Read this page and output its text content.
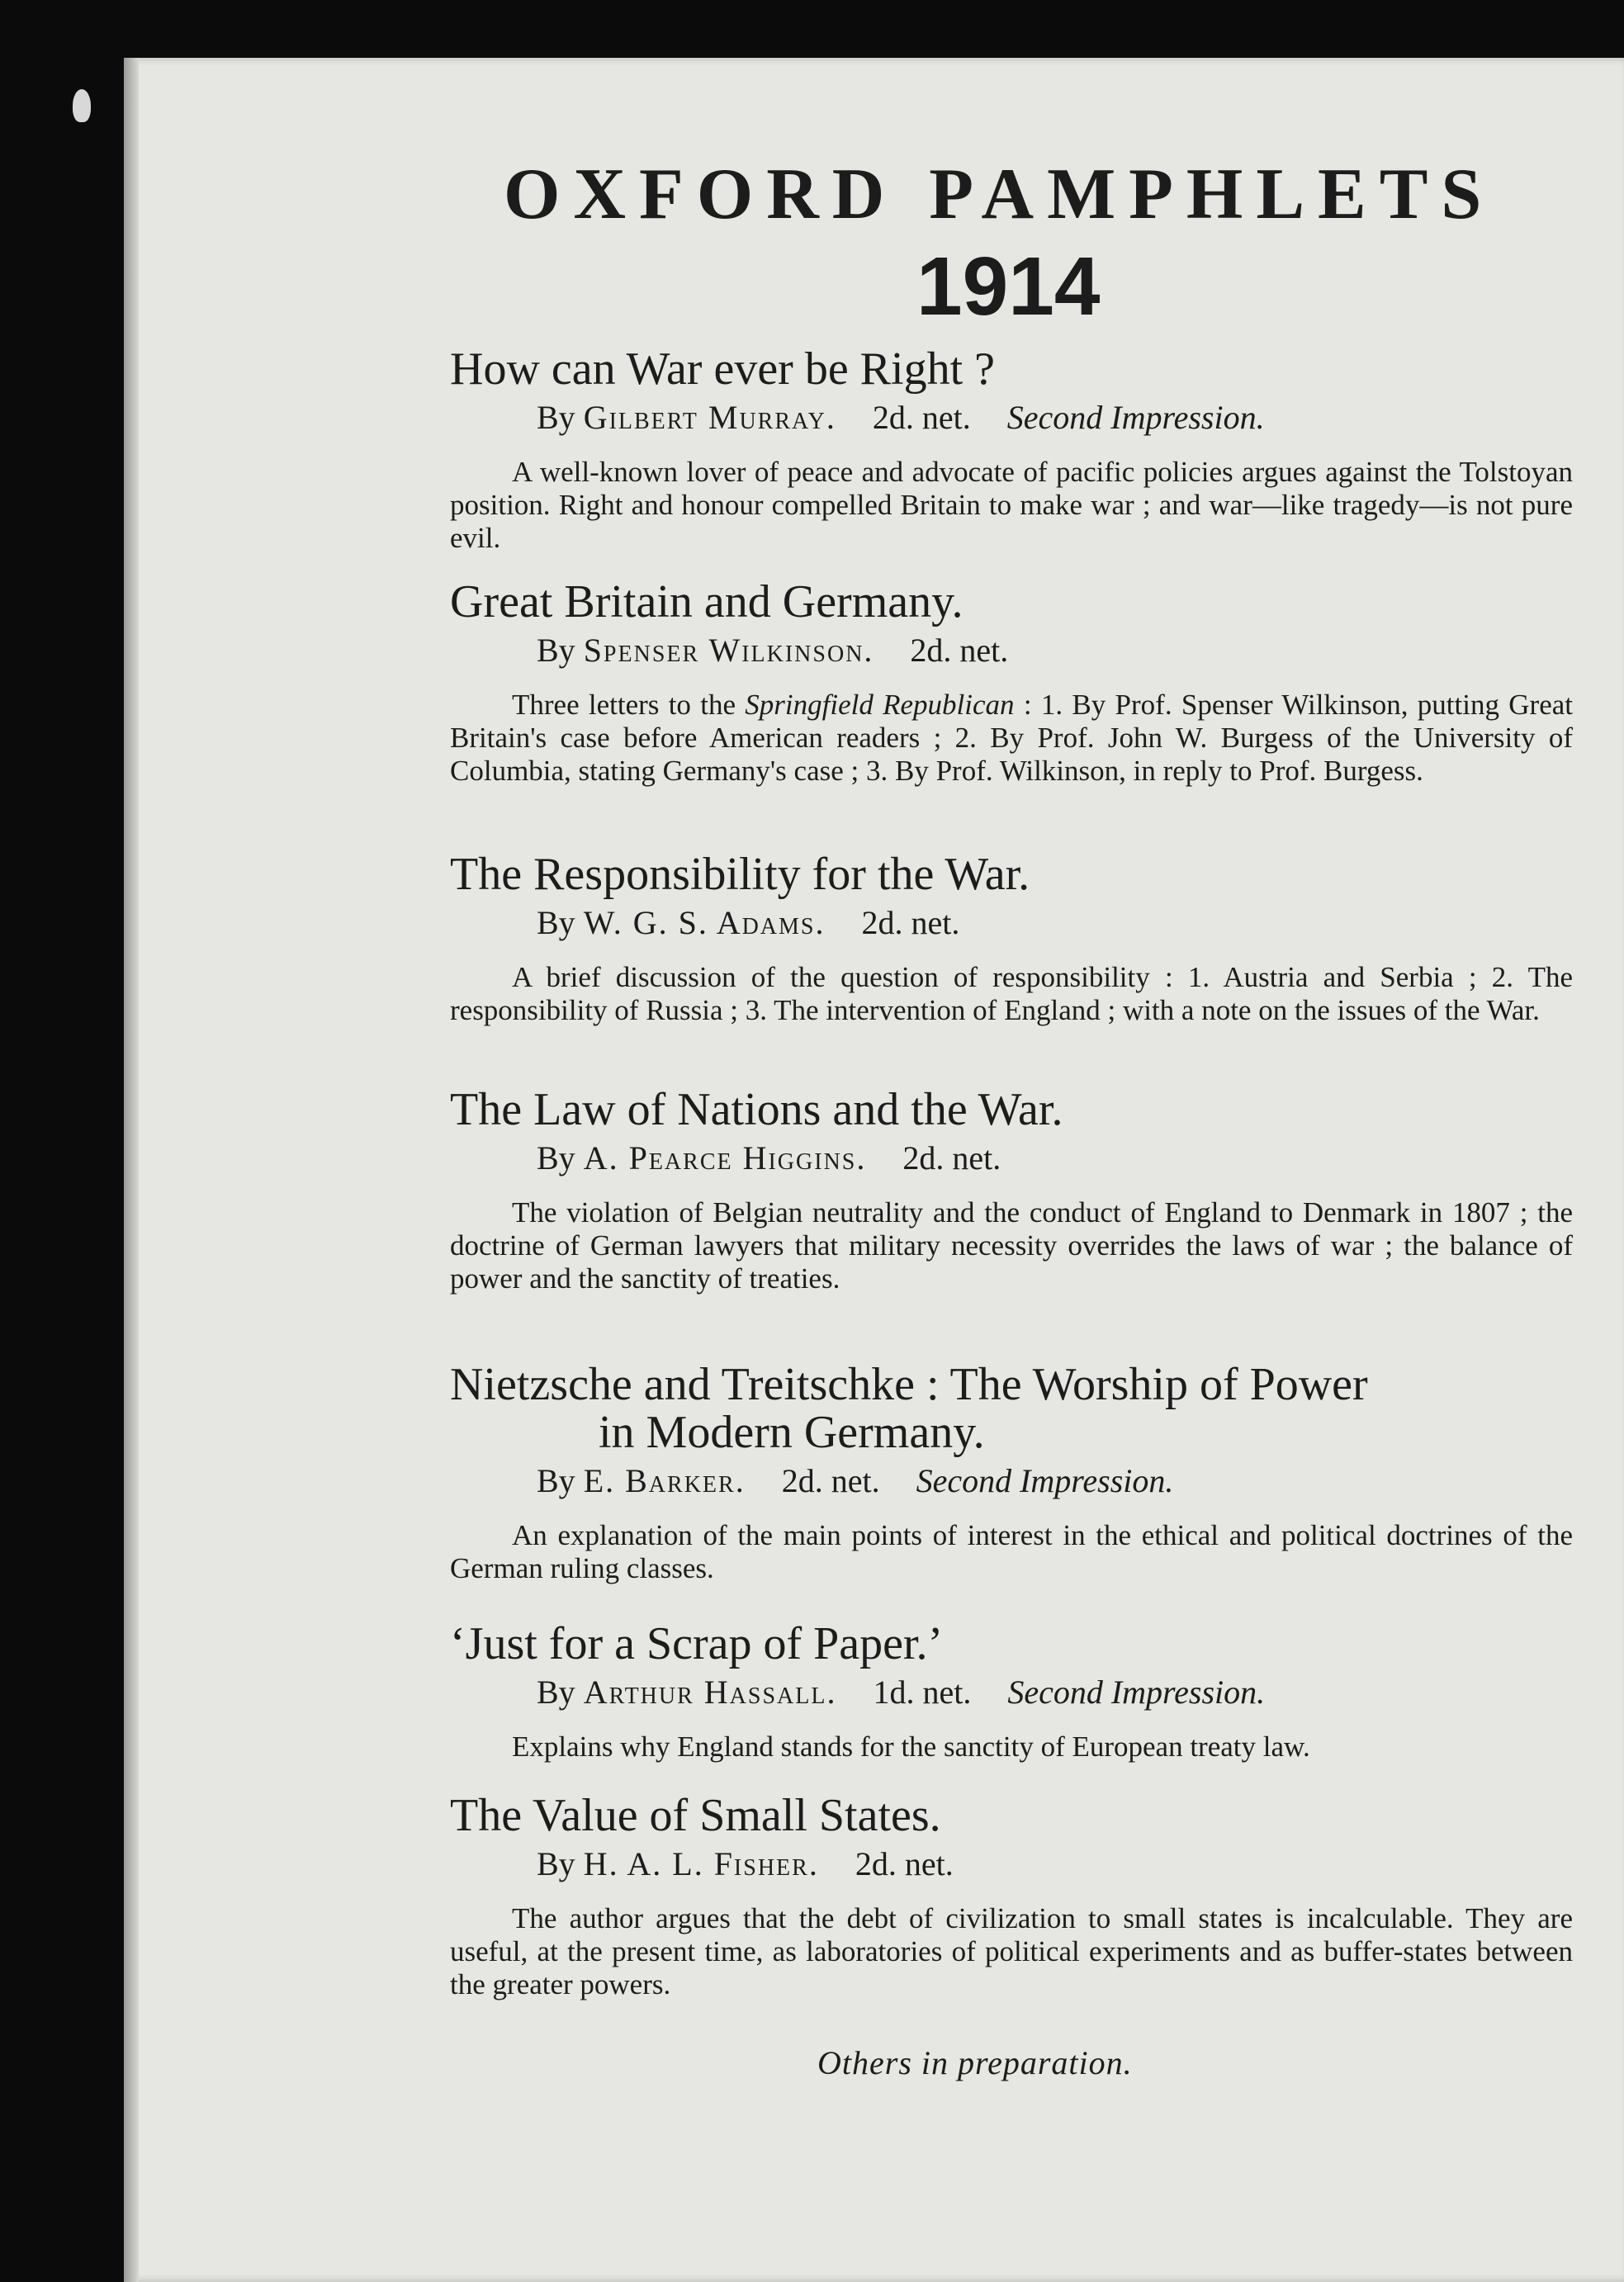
OXFORD PAMPHLETS
1914

How can War ever be Right ?

By Gilbert Murray. 2d. net. Second Impression.

A well-known lover of peace and advocate of pacific policies argues against the Tolstoyan position. Right and honour compelled Britain to make war ; and war—like tragedy—is not pure evil.

Great Britain and Germany.

By Spenser Wilkinson. 2d. net.

Three letters to the Springfield Republican : 1. By Prof. Spenser Wilkinson, putting Great Britain's case before American readers ; 2. By Prof. John W. Burgess of the University of Columbia, stating Germany's case ; 3. By Prof. Wilkinson, in reply to Prof. Burgess.

The Responsibility for the War.

By W. G. S. Adams. 2d. net.

A brief discussion of the question of responsibility : 1. Austria and Serbia ; 2. The responsibility of Russia ; 3. The intervention of England ; with a note on the issues of the War.

The Law of Nations and the War.

By A. Pearce Higgins. 2d. net.

The violation of Belgian neutrality and the conduct of England to Denmark in 1807 ; the doctrine of German lawyers that military necessity overrides the laws of war ; the balance of power and the sanctity of treaties.

Nietzsche and Treitschke : The Worship of Power

in Modern Germany.

By E. Barker. 2d. net. Second Impression.

An explanation of the main points of interest in the ethical and political doctrines of the German ruling classes.

‘Just for a Scrap of Paper.’

By Arthur Hassall. 1d. net. Second Impression.

Explains why England stands for the sanctity of European treaty law.

The Value of Small States.

By H. A. L. Fisher. 2d. net.

The author argues that the debt of civilization to small states is incalculable. They are useful, at the present time, as laboratories of political experiments and as buffer-states between the greater powers.

Others in preparation.
